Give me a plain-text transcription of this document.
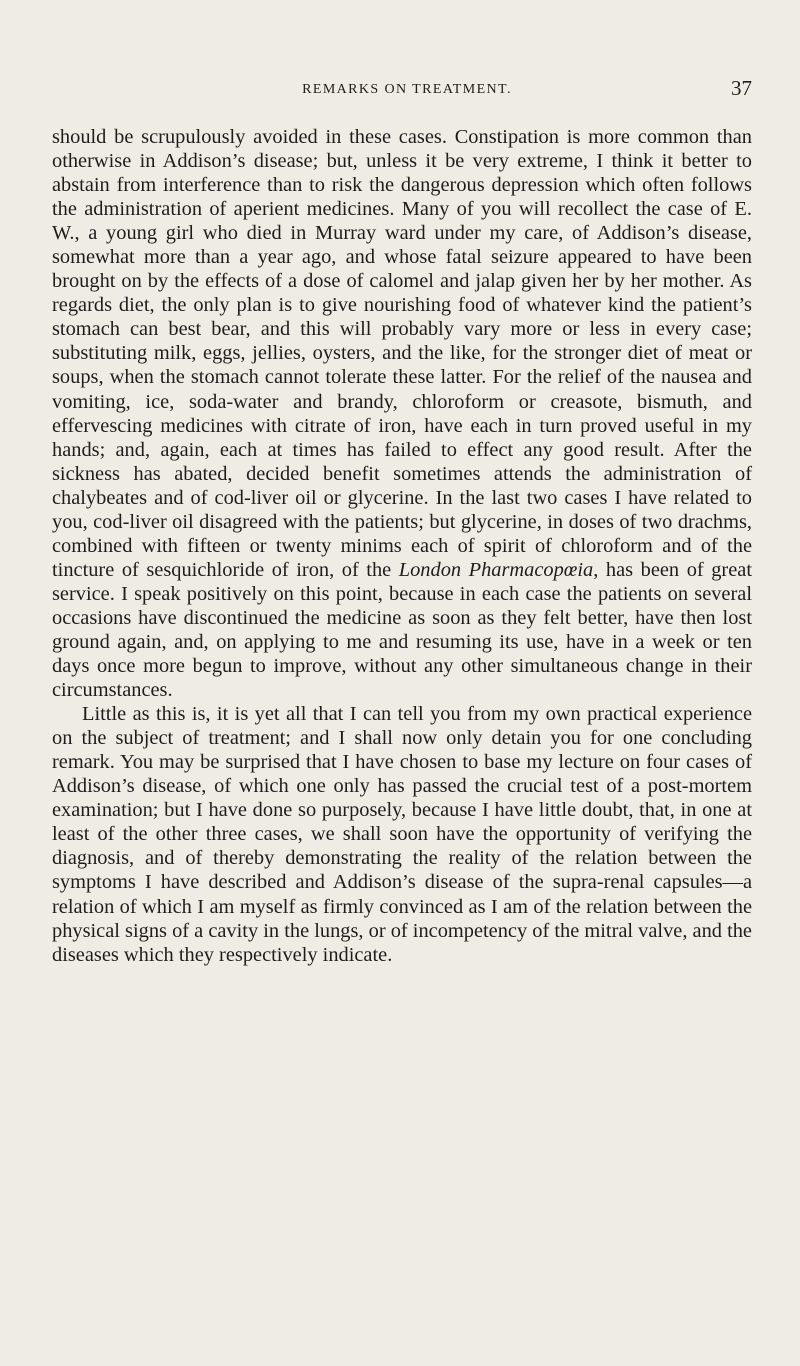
REMARKS ON TREATMENT.	37

should be scrupulously avoided in these cases. Constipation is more common than otherwise in Addison’s disease; but, unless it be very extreme, I think it better to abstain from interference than to risk the dangerous depression which often follows the administration of aperient medicines. Many of you will recollect the case of E. W., a young girl who died in Murray ward under my care, of Addison’s disease, somewhat more than a year ago, and whose fatal seizure appeared to have been brought on by the effects of a dose of calomel and jalap given her by her mother. As regards diet, the only plan is to give nourishing food of whatever kind the patient’s stomach can best bear, and this will probably vary more or less in every case; substituting milk, eggs, jellies, oysters, and the like, for the stronger diet of meat or soups, when the stomach cannot tolerate these latter. For the relief of the nausea and vomiting, ice, soda-water and brandy, chloroform or creasote, bismuth, and effervescing medicines with citrate of iron, have each in turn proved useful in my hands; and, again, each at times has failed to effect any good result. After the sickness has abated, decided benefit sometimes attends the administration of chalybeates and of cod-liver oil or glycerine. In the last two cases I have related to you, cod-liver oil disagreed with the patients; but glycerine, in doses of two drachms, combined with fifteen or twenty minims each of spirit of chloroform and of the tincture of sesquichloride of iron, of the London Pharmacopœia, has been of great service. I speak positively on this point, because in each case the patients on several occasions have discontinued the medicine as soon as they felt better, have then lost ground again, and, on applying to me and resuming its use, have in a week or ten days once more begun to improve, without any other simultaneous change in their circumstances.

Little as this is, it is yet all that I can tell you from my own practical experience on the subject of treatment; and I shall now only detain you for one concluding remark. You may be surprised that I have chosen to base my lecture on four cases of Addison’s disease, of which one only has passed the crucial test of a post-mortem examination; but I have done so purposely, because I have little doubt, that, in one at least of the other three cases, we shall soon have the opportunity of verifying the diagnosis, and of thereby demonstrating the reality of the relation between the symptoms I have described and Addison’s disease of the supra-renal capsules—a relation of which I am myself as firmly convinced as I am of the relation between the physical signs of a cavity in the lungs, or of incompetency of the mitral valve, and the diseases which they respectively indicate.
